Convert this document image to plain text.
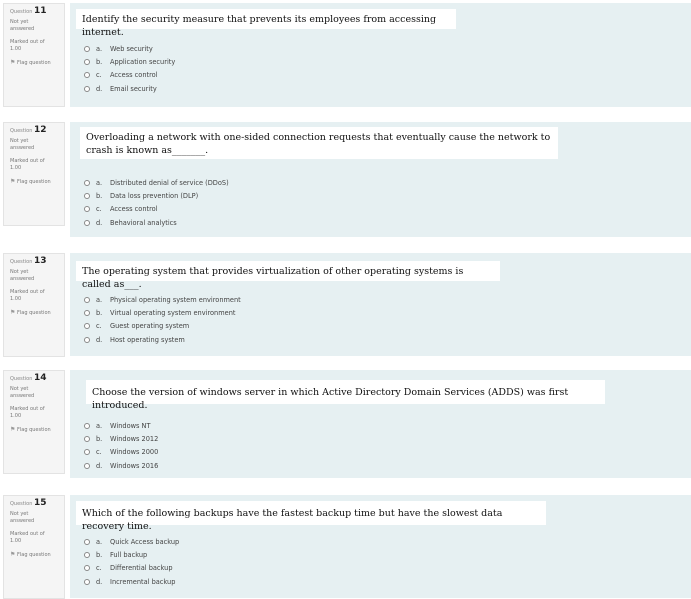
Question 11
Not yet answered
Marked out of
1.00
⚑ Flag question
Identify the security measure that prevents its employees from accessing internet.
a.	Web security
b.	Application security
c.	Access control
d.	Email security
Question 12
Not yet answered
Marked out of
1.00
⚑ Flag question
Overloading a network with one-sided connection requests that eventually cause the network to crash is known as_______.
a.	Distributed denial of service (DDoS)
b.	Data loss prevention (DLP)
c.	Access control
d.	Behavioral analytics
Question 13
Not yet answered
Marked out of
1.00
⚑ Flag question
The operating system that provides virtualization of other operating systems is called as___.
a.	Physical operating system environment
b.	Virtual operating system environment
c.	Guest operating system
d.	Host operating system
Question 14
Not yet answered
Marked out of
1.00
⚑ Flag question
Choose the version of windows server in which Active Directory Domain Services (ADDS) was first introduced.
a.	Windows NT
b.	Windows 2012
c.	Windows 2000
d.	Windows 2016
Question 15
Not yet answered
Marked out of
1.00
⚑ Flag question
Which of the following backups have the fastest backup time but have the slowest data recovery time.
a.	Quick Access backup
b.	Full backup
c.	Differential backup
d.	Incremental backup
